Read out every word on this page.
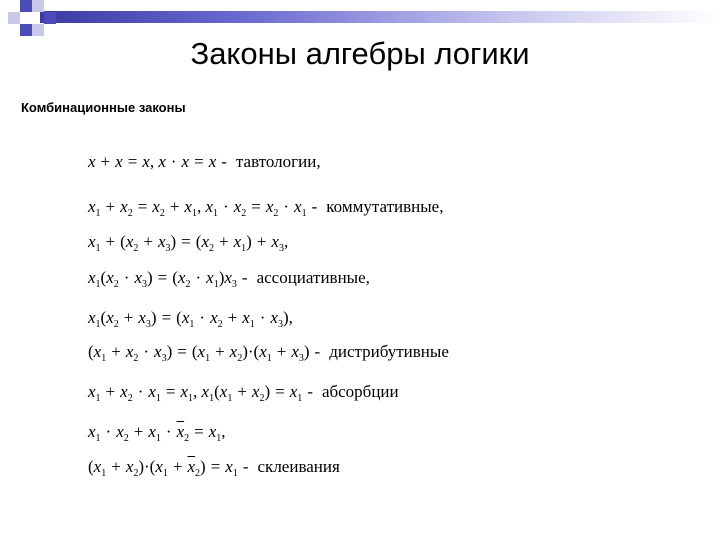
Законы алгебры логики
Комбинационные законы
x + x = x, x · x = x - тавтологии,
$x_1 + x_2 = x_2 + x_1$, $x_1 \cdot x_2 = x_2 \cdot x_1$ - коммутативные,
$x_1 + (x_2 + x_3) = (x_2 + x_1) + x_3$,
$x_1(x_2 \cdot x_3) = (x_2 \cdot x_1)x_3$ - ассоциативные,
$x_1(x_2 + x_3) = (x_1 \cdot x_2 + x_1 \cdot x_3)$,
$(x_1 + x_2 \cdot x_3) = (x_1 + x_2)\cdot(x_1 + x_3)$ - дистрибутивные
$x_1 + x_2 \cdot x_1 = x_1$, $x_1(x_1 + x_2) = x_1$ - абсорбции
$x_1 \cdot x_2 + x_1 \cdot \overline{x}_2 = x_1$,
$(x_1 + x_2)\cdot(x_1 + \overline{x}_2) = x_1$ - склеивания
